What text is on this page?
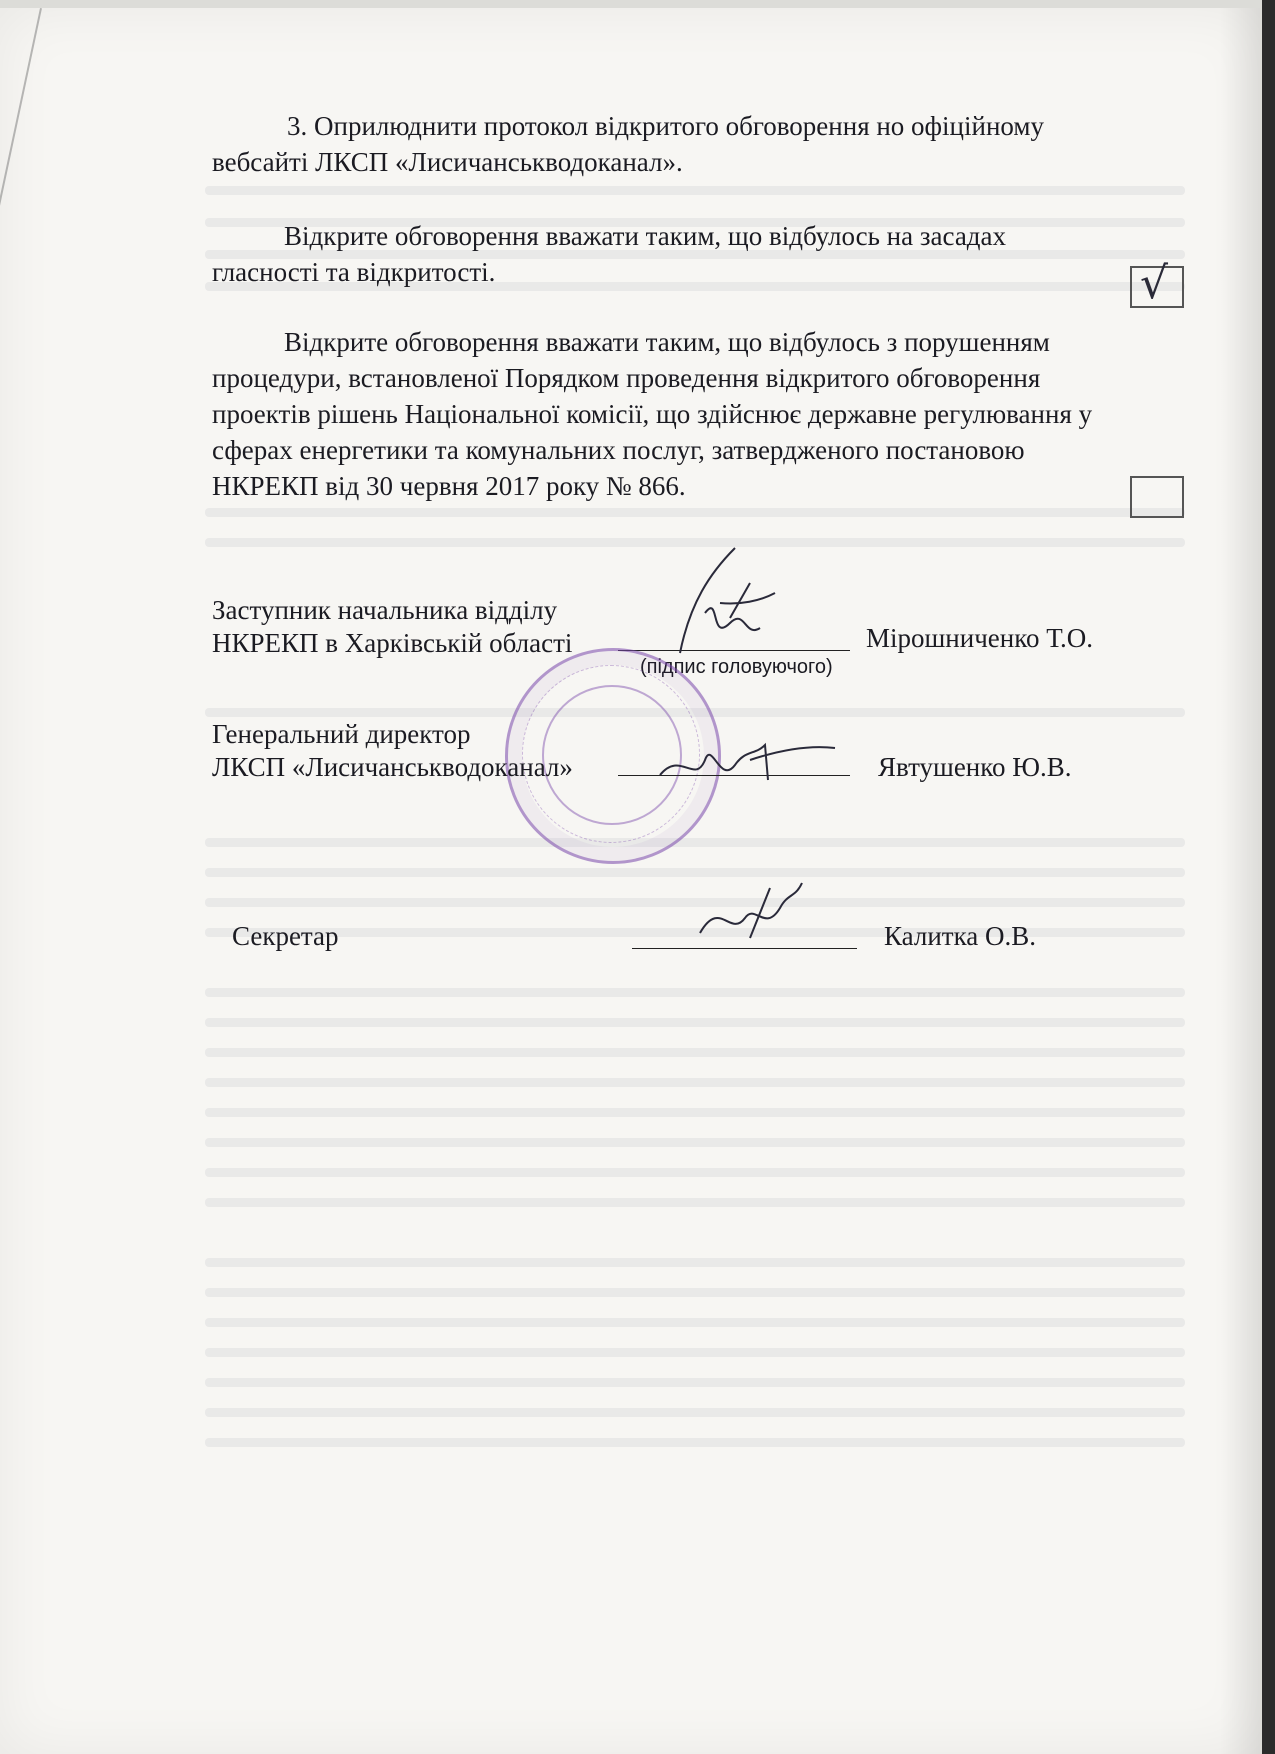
3. Оприлюднити протокол відкритого обговорення но офіційному
вебсайті ЛКСП «Лисичанськводоканал».
Відкрите обговорення вважати таким, що відбулось на засадах
гласності та відкритості.	√
Відкрите обговорення вважати таким, що відбулось з порушенням
процедури, встановленої Порядком проведення відкритого обговорення
проектів рішень Національної комісії, що здійснює державне регулювання у
сферах енергетики та комунальних послуг, затвердженого постановою
НКРЕКП від 30 червня 2017 року № 866.
Заступник начальника відділу
НКРЕКП в Харківській області	Мірошниченко Т.О.
(підпис головуючого)
Генеральний директор
ЛКСП «Лисичанськводоканал»	Явтушенко Ю.В.
Секретар	Калитка О.В.
